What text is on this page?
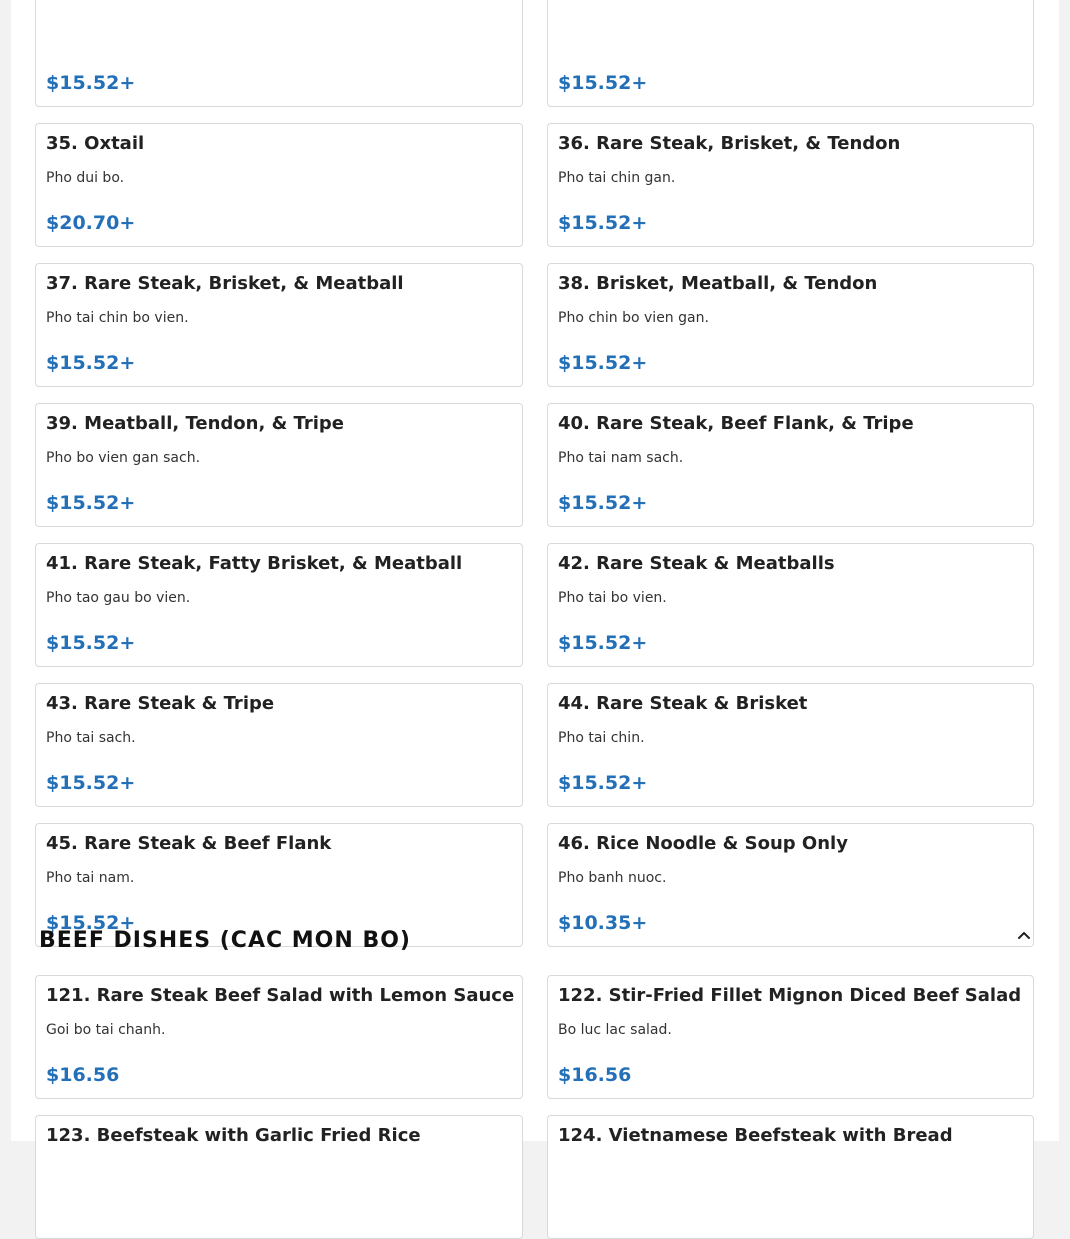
$15.52+	$15.52+
35. Oxtail
Pho dui bo.
$20.70+
36. Rare Steak, Brisket, & Tendon
Pho tai chin gan.
$15.52+
37. Rare Steak, Brisket, & Meatball
Pho tai chin bo vien.
$15.52+
38. Brisket, Meatball, & Tendon
Pho chin bo vien gan.
$15.52+
39. Meatball, Tendon, & Tripe
Pho bo vien gan sach.
$15.52+
40. Rare Steak, Beef Flank, & Tripe
Pho tai nam sach.
$15.52+
41. Rare Steak, Fatty Brisket, & Meatball
Pho tao gau bo vien.
$15.52+
42. Rare Steak & Meatballs
Pho tai bo vien.
$15.52+
43. Rare Steak & Tripe
Pho tai sach.
$15.52+
44. Rare Steak & Brisket
Pho tai chin.
$15.52+
45. Rare Steak & Beef Flank
Pho tai nam.
$15.52+
46. Rice Noodle & Soup Only
Pho banh nuoc.
$10.35+
BEEF DISHES (CAC MON BO)
121. Rare Steak Beef Salad with Lemon Sauce
Goi bo tai chanh.
$16.56
122. Stir-Fried Fillet Mignon Diced Beef Salad
Bo luc lac salad.
$16.56
123. Beefsteak with Garlic Fried Rice	124. Vietnamese Beefsteak with Bread
